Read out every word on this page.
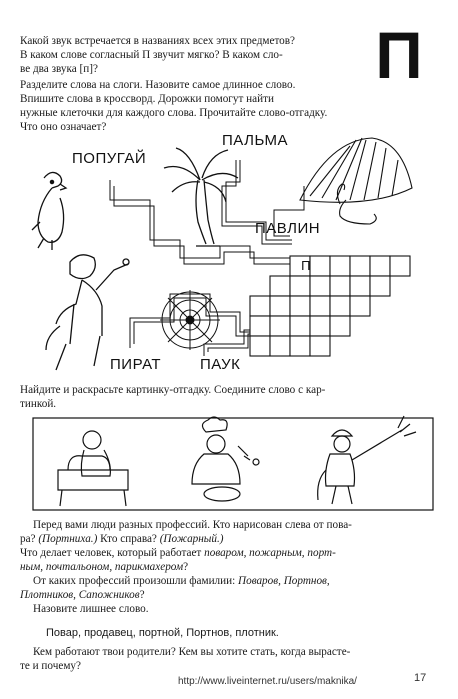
П
Какой звук встречается в названиях всех этих предметов?
В каком слове согласный П звучит мягко? В каком сло-
ве два звука [п]?
Разделите слова на слоги. Назовите самое длинное слово.
Впишите слова в кроссворд. Дорожки помогут найти
нужные клеточки для каждого слова. Прочитайте слово-отгадку.
Что оно означает?
П
ПОПУГАЙ
ПАЛЬМА
ПАВЛИН
ПИРАТ	ПАУК
Найдите и раскрасьте картинку-отгадку. Соедините слово с кар-
тинкой.
Перед вами люди разных профессий. Кто нарисован слева от пова-
ра? (Портниха.) Кто справа? (Пожарный.)
Что делает человек, который работает поваром, пожарным, порт-
ным, почтальоном, парикмахером?
От каких профессий произошли фамилии: Поваров, Портнов,
Плотников, Сапожников?
Назовите лишнее слово.
Повар, продавец, портной, Портнов, плотник.
Кем работают твои родители? Кем вы хотите стать, когда вырасте-
те и почему?
http://www.liveinternet.ru/users/maknika/	17
